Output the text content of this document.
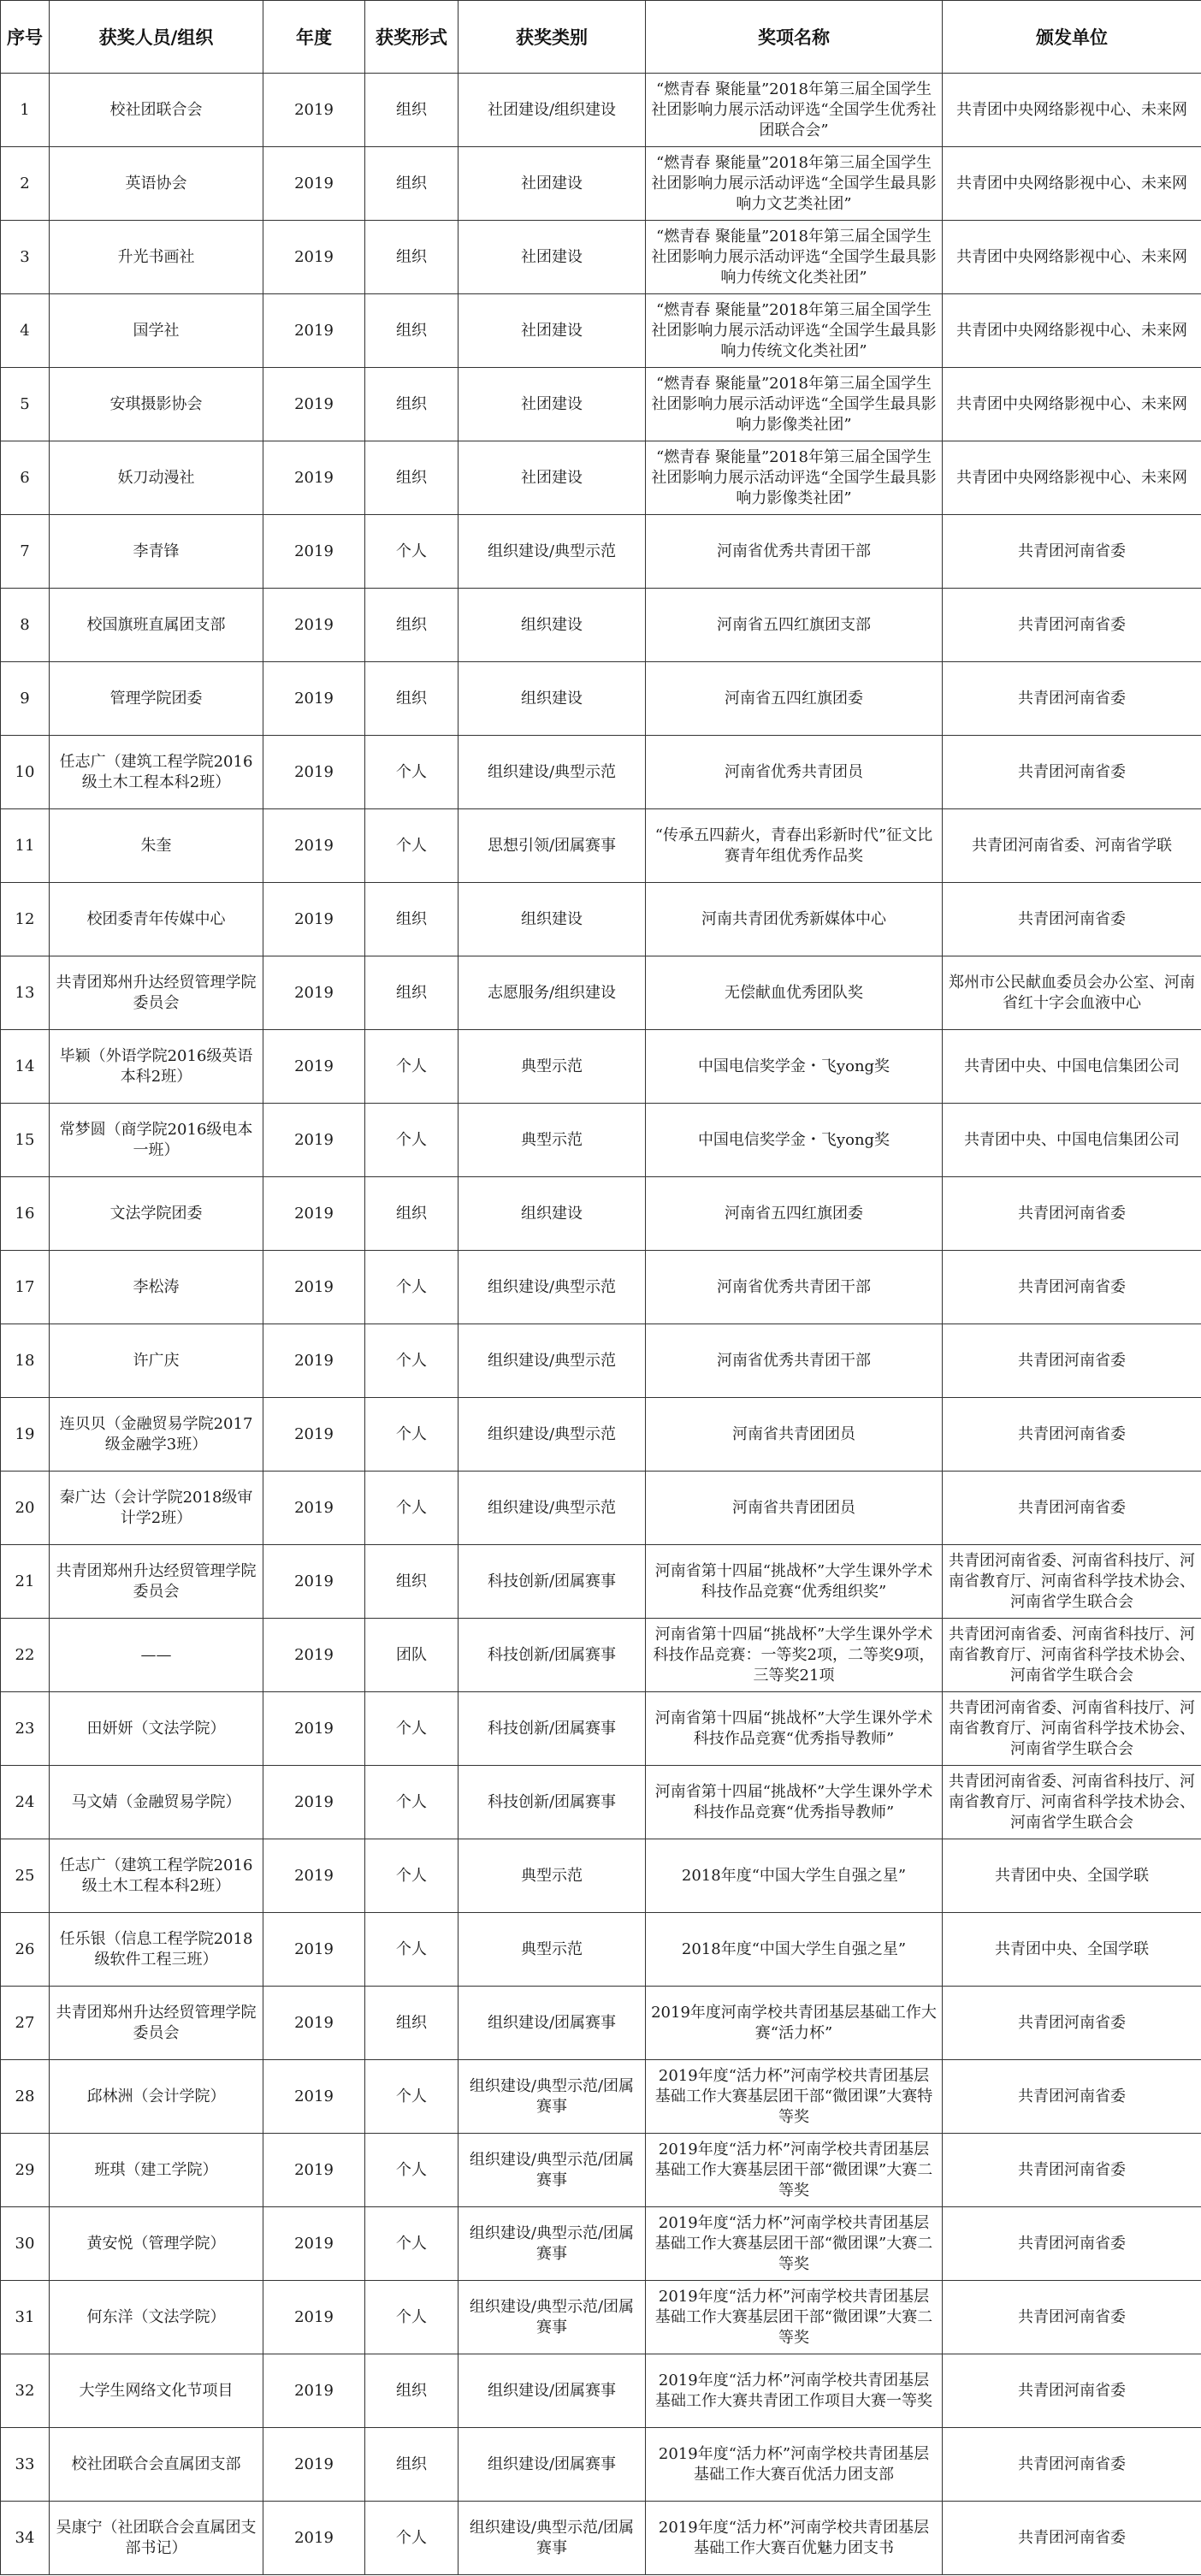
序号	获奖人员/组织	年度	获奖形式	获奖类别	奖项名称	颁发单位
1	校社团联合会	2019	组织	社团建设/组织建设	“燃青春 聚能量”2018年第三届全国学生社团影响力展示活动评选“全国学生优秀社团联合会”	共青团中央网络影视中心、未来网
2	英语协会	2019	组织	社团建设	“燃青春 聚能量”2018年第三届全国学生社团影响力展示活动评选“全国学生最具影响力文艺类社团”	共青团中央网络影视中心、未来网
3	升光书画社	2019	组织	社团建设	“燃青春 聚能量”2018年第三届全国学生社团影响力展示活动评选“全国学生最具影响力传统文化类社团”	共青团中央网络影视中心、未来网
4	国学社	2019	组织	社团建设	“燃青春 聚能量”2018年第三届全国学生社团影响力展示活动评选“全国学生最具影响力传统文化类社团”	共青团中央网络影视中心、未来网
5	安琪摄影协会	2019	组织	社团建设	“燃青春 聚能量”2018年第三届全国学生社团影响力展示活动评选“全国学生最具影响力影像类社团”	共青团中央网络影视中心、未来网
6	妖刀动漫社	2019	组织	社团建设	“燃青春 聚能量”2018年第三届全国学生社团影响力展示活动评选“全国学生最具影响力影像类社团”	共青团中央网络影视中心、未来网
7	李青锋	2019	个人	组织建设/典型示范	河南省优秀共青团干部	共青团河南省委
8	校国旗班直属团支部	2019	组织	组织建设	河南省五四红旗团支部	共青团河南省委
9	管理学院团委	2019	组织	组织建设	河南省五四红旗团委	共青团河南省委
10	任志广（建筑工程学院2016级土木工程本科2班）	2019	个人	组织建设/典型示范	河南省优秀共青团员	共青团河南省委
11	朱奎	2019	个人	思想引领/团属赛事	“传承五四薪火，青春出彩新时代”征文比赛青年组优秀作品奖	共青团河南省委、河南省学联
12	校团委青年传媒中心	2019	组织	组织建设	河南共青团优秀新媒体中心	共青团河南省委
13	共青团郑州升达经贸管理学院委员会	2019	组织	志愿服务/组织建设	无偿献血优秀团队奖	郑州市公民献血委员会办公室、河南省红十字会血液中心
14	毕颖（外语学院2016级英语本科2班）	2019	个人	典型示范	中国电信奖学金・飞yong奖	共青团中央、中国电信集团公司
15	常梦圆（商学院2016级电本一班）	2019	个人	典型示范	中国电信奖学金・飞yong奖	共青团中央、中国电信集团公司
16	文法学院团委	2019	组织	组织建设	河南省五四红旗团委	共青团河南省委
17	李松涛	2019	个人	组织建设/典型示范	河南省优秀共青团干部	共青团河南省委
18	许广庆	2019	个人	组织建设/典型示范	河南省优秀共青团干部	共青团河南省委
19	连贝贝（金融贸易学院2017级金融学3班）	2019	个人	组织建设/典型示范	河南省共青团团员	共青团河南省委
20	秦广达（会计学院2018级审计学2班）	2019	个人	组织建设/典型示范	河南省共青团团员	共青团河南省委
21	共青团郑州升达经贸管理学院委员会	2019	组织	科技创新/团属赛事	河南省第十四届“挑战杯”大学生课外学术科技作品竞赛“优秀组织奖”	共青团河南省委、河南省科技厅、河南省教育厅、河南省科学技术协会、河南省学生联合会
22	——	2019	团队	科技创新/团属赛事	河南省第十四届“挑战杯”大学生课外学术科技作品竞赛：一等奖2项，二等奖9项，三等奖21项	共青团河南省委、河南省科技厅、河南省教育厅、河南省科学技术协会、河南省学生联合会
23	田妍妍（文法学院）	2019	个人	科技创新/团属赛事	河南省第十四届“挑战杯”大学生课外学术科技作品竞赛“优秀指导教师”	共青团河南省委、河南省科技厅、河南省教育厅、河南省科学技术协会、河南省学生联合会
24	马文婧（金融贸易学院）	2019	个人	科技创新/团属赛事	河南省第十四届“挑战杯”大学生课外学术科技作品竞赛“优秀指导教师”	共青团河南省委、河南省科技厅、河南省教育厅、河南省科学技术协会、河南省学生联合会
25	任志广（建筑工程学院2016级土木工程本科2班）	2019	个人	典型示范	2018年度“中国大学生自强之星”	共青团中央、全国学联
26	任乐银（信息工程学院2018级软件工程三班）	2019	个人	典型示范	2018年度“中国大学生自强之星”	共青团中央、全国学联
27	共青团郑州升达经贸管理学院委员会	2019	组织	组织建设/团属赛事	2019年度河南学校共青团基层基础工作大赛“活力杯”	共青团河南省委
28	邱林洲（会计学院）	2019	个人	组织建设/典型示范/团属赛事	2019年度“活力杯”河南学校共青团基层基础工作大赛基层团干部“微团课”大赛特等奖	共青团河南省委
29	班琪（建工学院）	2019	个人	组织建设/典型示范/团属赛事	2019年度“活力杯”河南学校共青团基层基础工作大赛基层团干部“微团课”大赛二等奖	共青团河南省委
30	黄安悦（管理学院）	2019	个人	组织建设/典型示范/团属赛事	2019年度“活力杯”河南学校共青团基层基础工作大赛基层团干部“微团课”大赛二等奖	共青团河南省委
31	何东洋（文法学院）	2019	个人	组织建设/典型示范/团属赛事	2019年度“活力杯”河南学校共青团基层基础工作大赛基层团干部“微团课”大赛二等奖	共青团河南省委
32	大学生网络文化节项目	2019	组织	组织建设/团属赛事	2019年度“活力杯”河南学校共青团基层基础工作大赛共青团工作项目大赛一等奖	共青团河南省委
33	校社团联合会直属团支部	2019	组织	组织建设/团属赛事	2019年度“活力杯”河南学校共青团基层基础工作大赛百优活力团支部	共青团河南省委
34	吴康宁（社团联合会直属团支部书记）	2019	个人	组织建设/典型示范/团属赛事	2019年度“活力杯”河南学校共青团基层基础工作大赛百优魅力团支书	共青团河南省委
